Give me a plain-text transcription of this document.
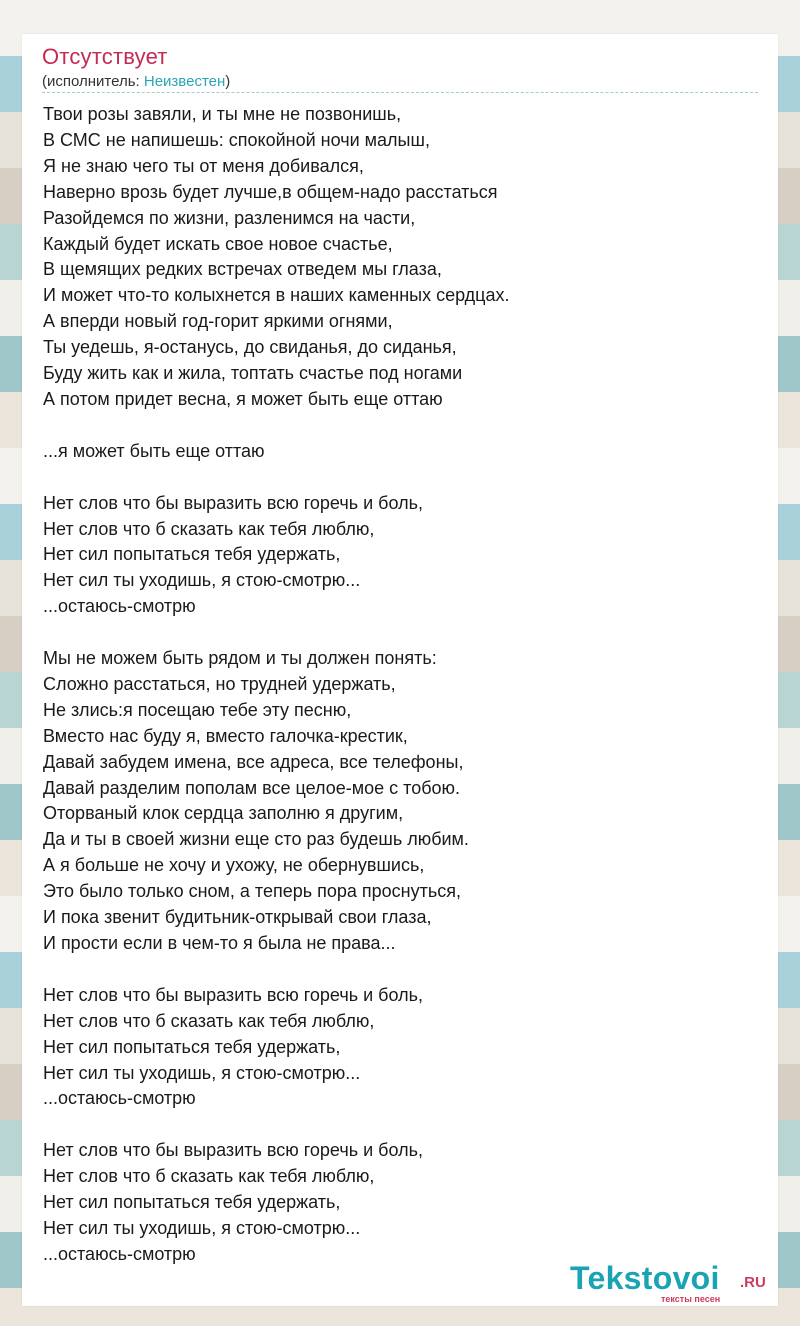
Отсутствует
(исполнитель: Неизвестен)
Твои розы завяли, и ты мне не позвонишь,
В СМС не напишешь: спокойной ночи малыш,
Я не знаю чего ты от меня добивался,
Наверно врозь будет лучше,в общем-надо расстаться
Разойдемся по жизни, разленимся на части,
Каждый будет искать свое новое счастье,
В щемящих редких встречах отведем мы глаза,
И может что-то колыхнется в наших каменных сердцах.
А вперди новый год-горит яркими огнями,
Ты уедешь, я-останусь, до свиданья, до сиданья,
Буду жить как и жила, топтать счастье под ногами
А потом придет весна, я может быть еще оттаю

...я может быть еще оттаю

Нет слов что бы выразить всю горечь и боль,
Нет слов что б сказать как тебя люблю,
Нет сил попытаться тебя удержать,
Нет сил ты уходишь, я стою-смотрю...
...остаюсь-смотрю

Мы не можем быть рядом и ты должен понять:
Сложно расстаться, но трудней удержать,
Не злись:я посещаю тебе эту песню,
Вместо нас буду я, вместо галочка-крестик,
Давай забудем имена, все адреса, все телефоны,
Давай разделим пополам все целое-мое с тобою.
Оторваный клок сердца заполню я другим,
Да и ты в своей жизни еще сто раз будешь любим.
А я больше не хочу и ухожу, не обернувшись,
Это было только сном, а теперь пора проснуться,
И пока звенит будитьник-открывай свои глаза,
И прости если в чем-то я была не права...

Нет слов что бы выразить всю горечь и боль,
Нет слов что б сказать как тебя люблю,
Нет сил попытаться тебя удержать,
Нет сил ты уходишь, я стою-смотрю...
...остаюсь-смотрю

Нет слов что бы выразить всю горечь и боль,
Нет слов что б сказать как тебя люблю,
Нет сил попытаться тебя удержать,
Нет сил ты уходишь, я стою-смотрю...
...остаюсь-смотрю
Tekstovoi .RU
тексты песен
